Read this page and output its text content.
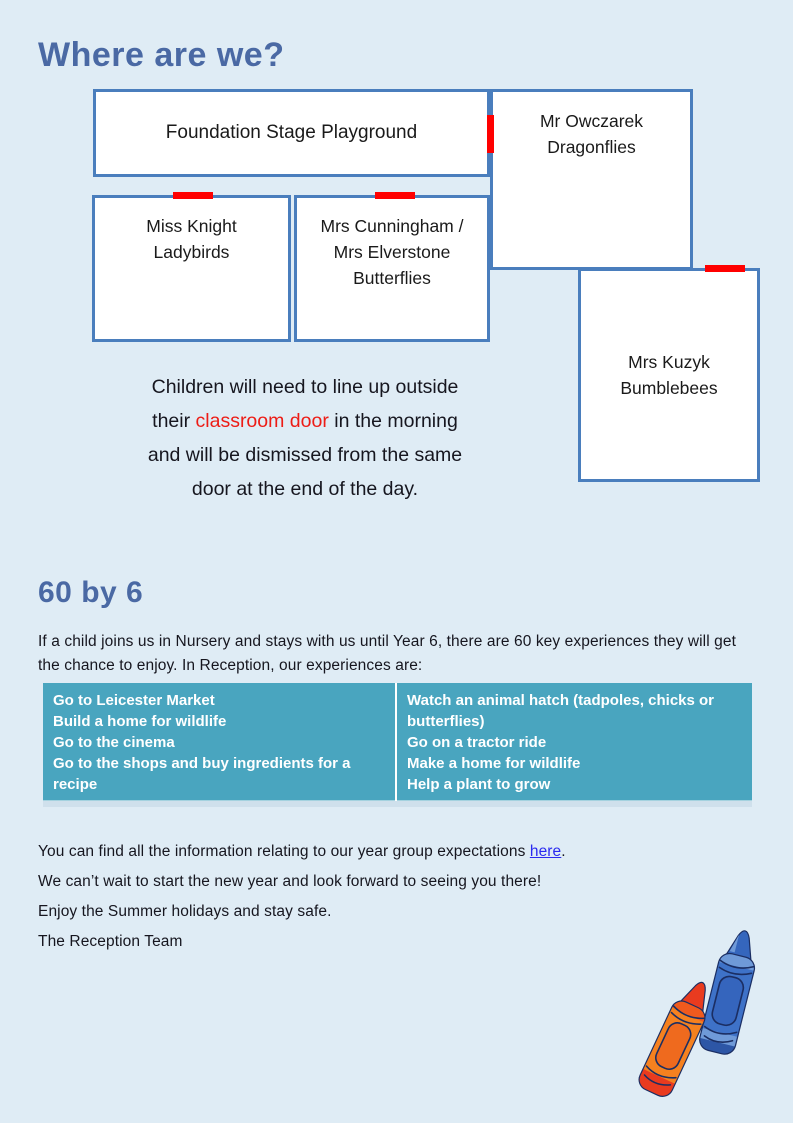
Where are we?
Foundation Stage Playground
Mr Owczarek
Dragonflies
Miss Knight
Ladybirds
Mrs Cunningham /
Mrs Elverstone
Butterflies
Mrs Kuzyk
Bumblebees
Children will need to line up outside
their classroom door in the morning
and will be dismissed from the same
door at the end of the day.
60 by 6
If a child joins us in Nursery and stays with us until Year 6, there are 60 key experiences they will get the chance to enjoy. In Reception, our experiences are:
Go to Leicester Market
Build a home for wildlife
Go to the cinema
Go to the shops and buy ingredients for a recipe
Watch an animal hatch (tadpoles, chicks or butterflies)
Go on a tractor ride
Make a home for wildlife
Help a plant to grow
You can find all the information relating to our year group expectations here.
We can’t wait to start the new year and look forward to seeing you there!
Enjoy the Summer holidays and stay safe.
The Reception Team
